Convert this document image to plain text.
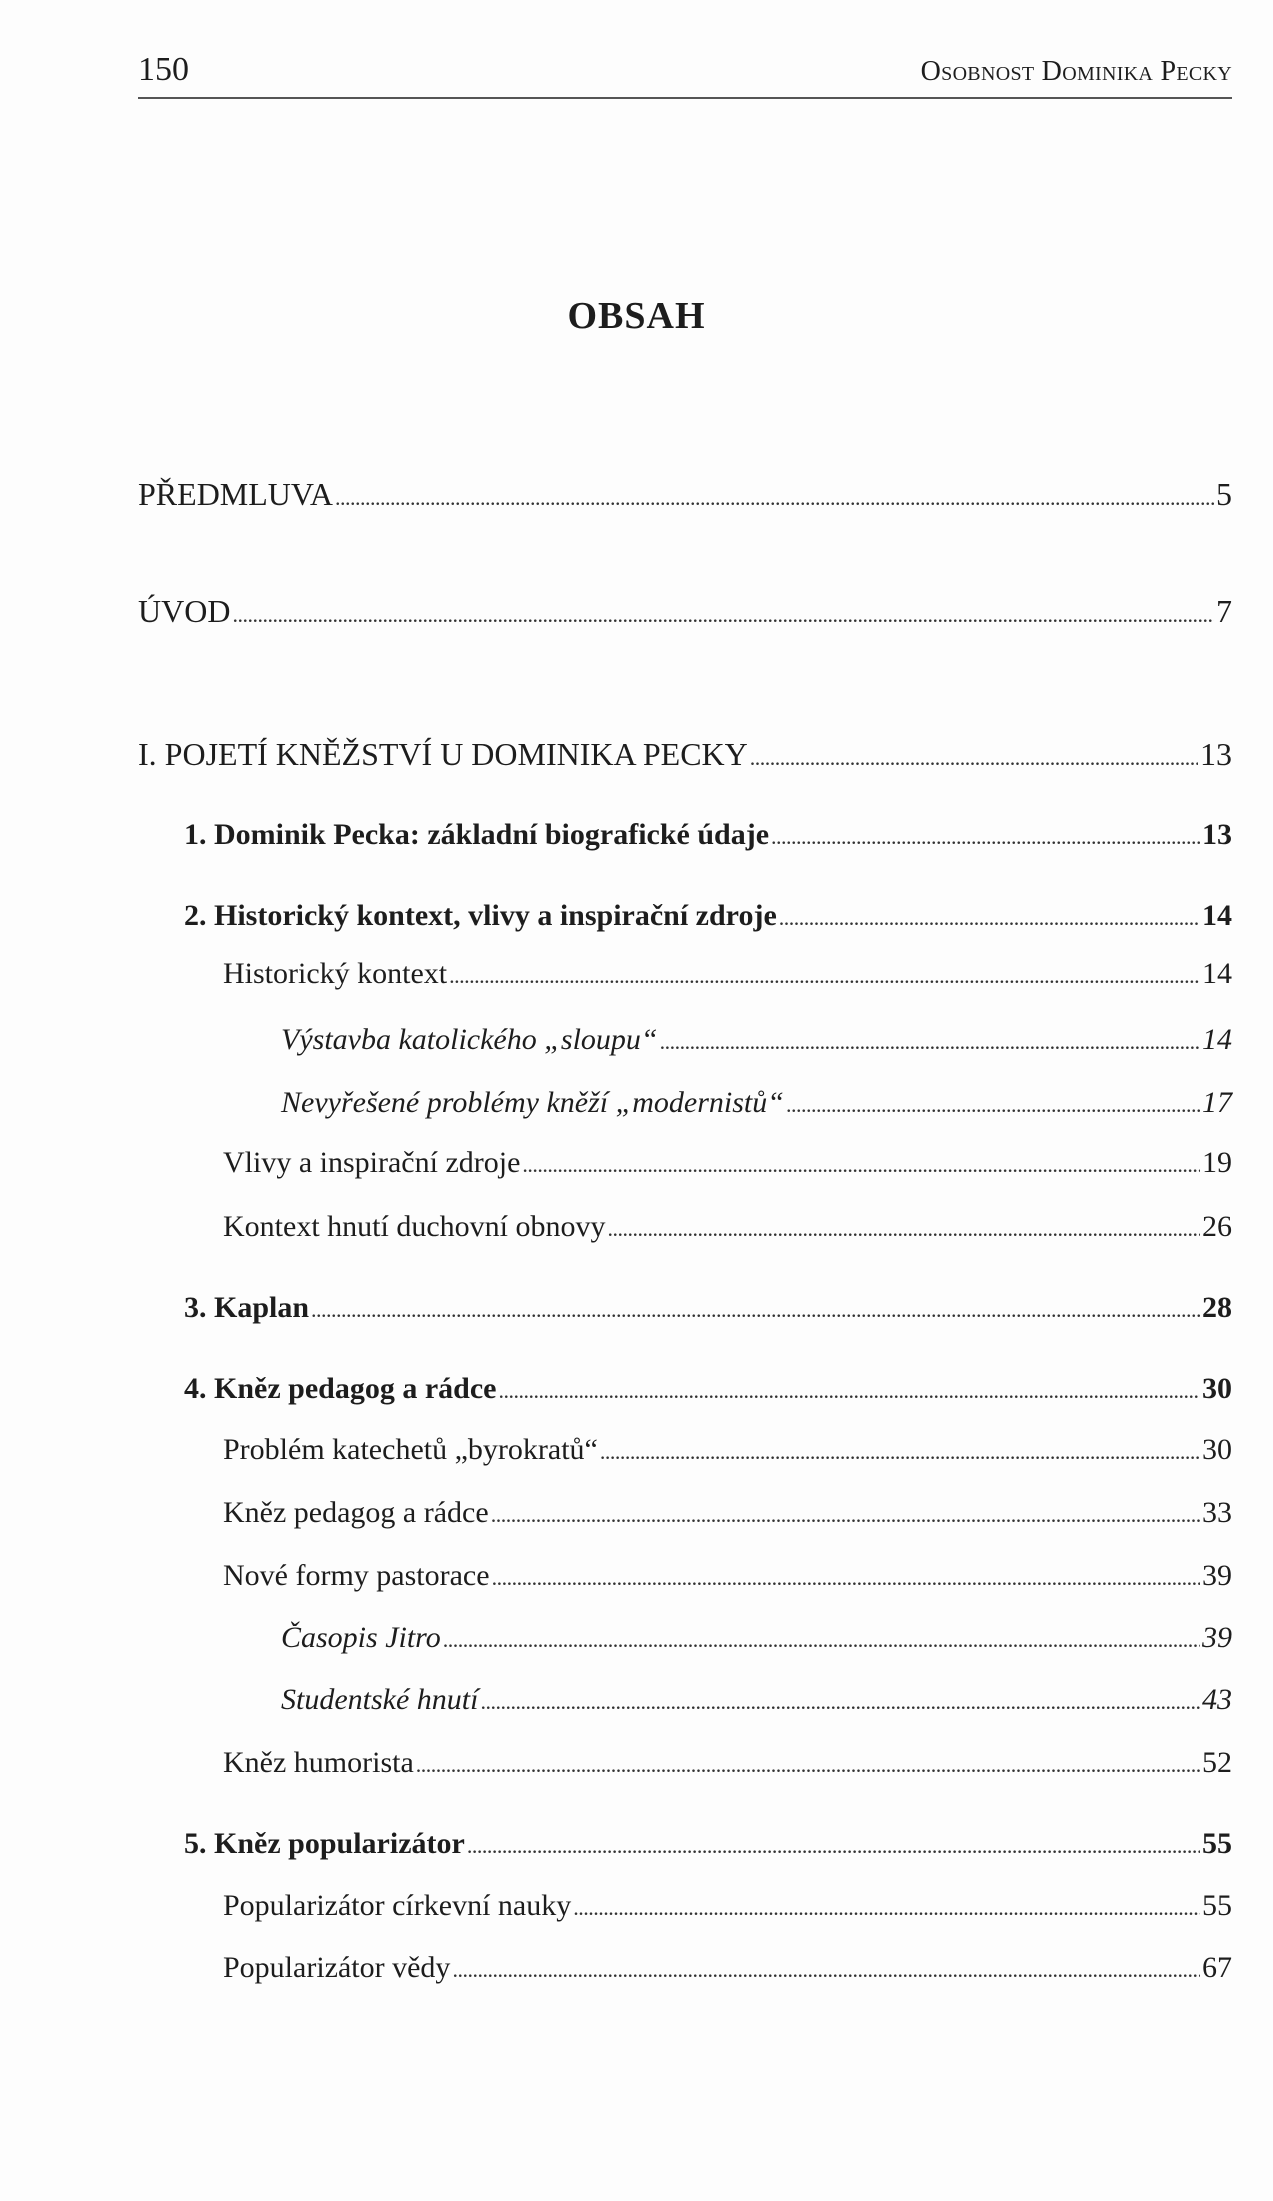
150	Osobnost Dominika Pecky
OBSAH
PŘEDMLUVA . . .	5
ÚVOD . . .	7
I. POJETÍ KNĚŽSTVÍ U DOMINIKA PECKY . . .	13
1. Dominik Pecka: základní biografické údaje . . .	13
2. Historický kontext, vlivy a inspirační zdroje . . .	14
Historický kontext . . .	14
Výstavba katolického „sloupu“ . . .	14
Nevyřešené problémy kněží „modernistů“ . . .	17
Vlivy a inspirační zdroje . . .	19
Kontext hnutí duchovní obnovy . . .	26
3. Kaplan . . .	28
4. Kněz pedagog a rádce . . .	30
Problém katechetů „byrokratů“ . . .	30
Kněz pedagog a rádce . . .	33
Nové formy pastorace . . .	39
Časopis Jitro . . .	39
Studentské hnutí . . .	43
Kněz humorista . . .	52
5. Kněz popularizátor . . .	55
Popularizátor církevní nauky . . .	55
Popularizátor vědy . . .	67
